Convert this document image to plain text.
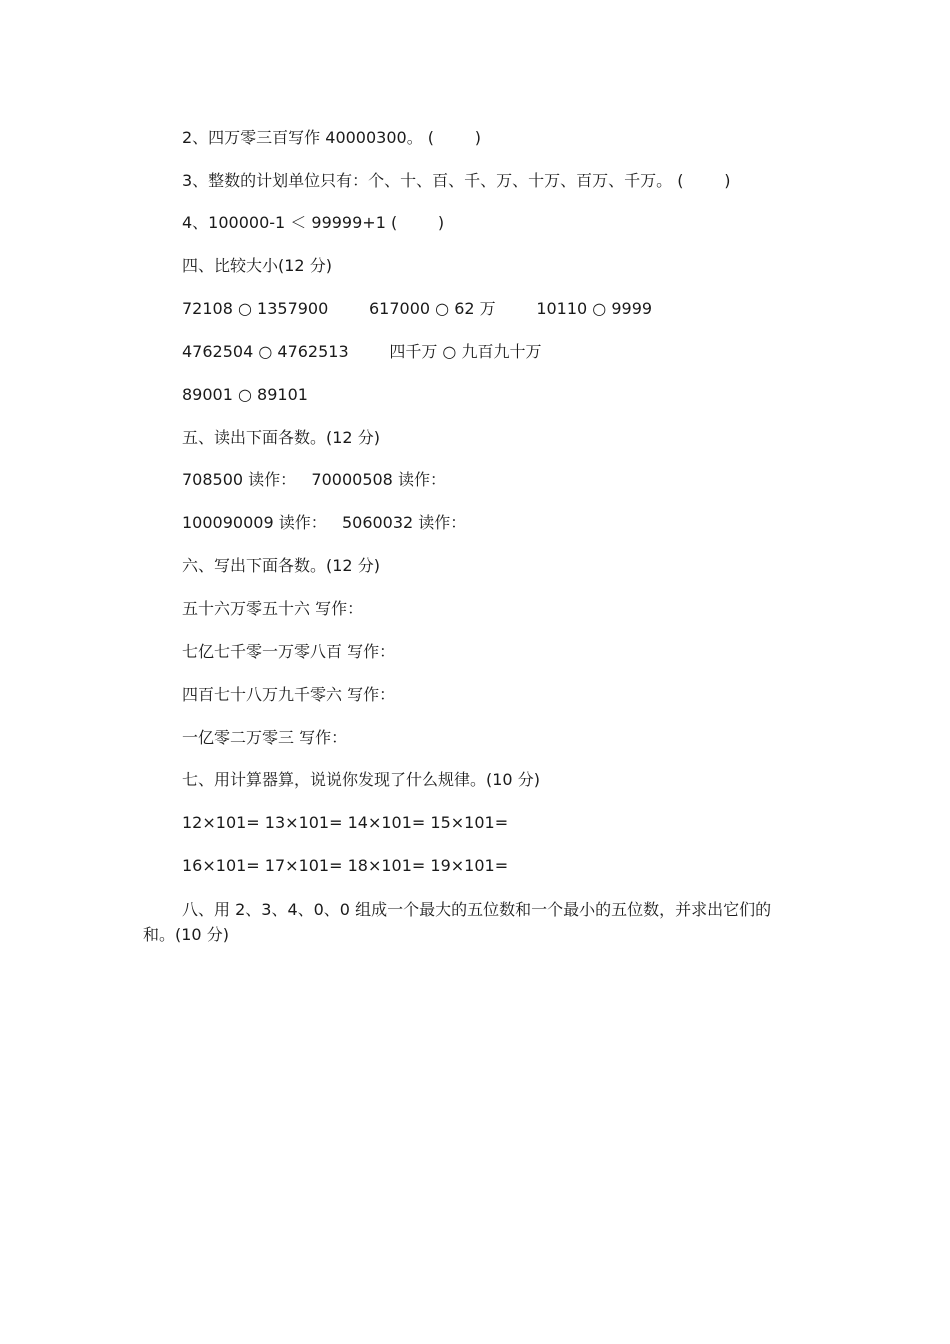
2、四万零三百写作 40000300。 (        )
3、整数的计划单位只有：个、十、百、千、万、十万、百万、千万。 (        )
4、100000-1 ＜ 99999+1 (        )
四、比较大小(12 分)
72108 ○ 1357900        617000 ○ 62 万        10110 ○ 9999
4762504 ○ 4762513        四千万 ○ 九百九十万
89001 ○ 89101
五、读出下面各数。(12 分)
708500 读作：   70000508 读作：
100090009 读作：   5060032 读作：
六、写出下面各数。(12 分)
五十六万零五十六 写作：
七亿七千零一万零八百 写作：
四百七十八万九千零六 写作：
一亿零二万零三 写作：
七、用计算器算，说说你发现了什么规律。(10 分)
12×101= 13×101= 14×101= 15×101=
16×101= 17×101= 18×101= 19×101=
八、用 2、3、4、0、0 组成一个最大的五位数和一个最小的五位数，并求出它们的和。(10 分)
